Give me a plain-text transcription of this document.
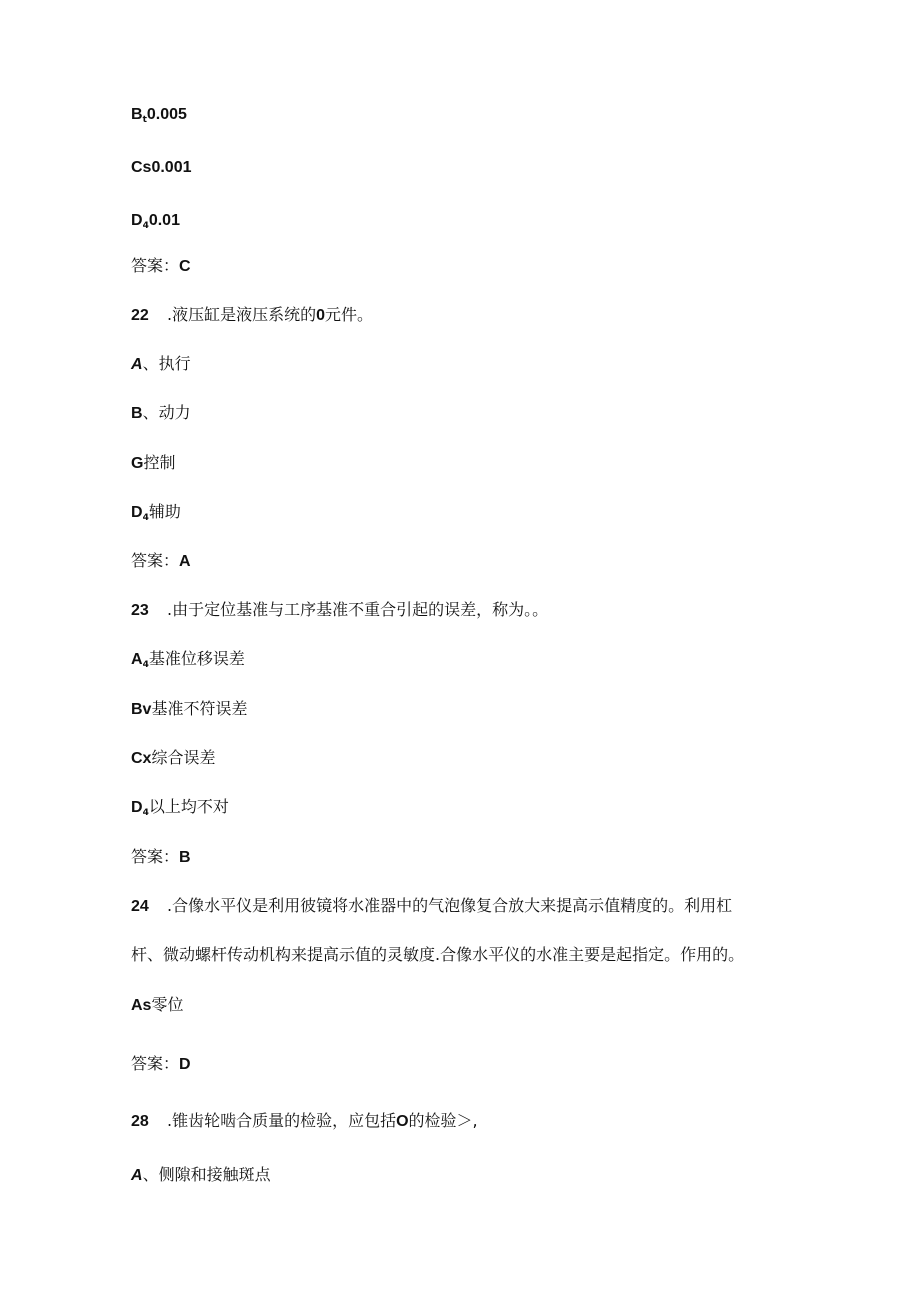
$B_t0.005$
Cs0.001
$D_40.01$
答案：C
22 .液压缸是液压系统的0元件。
A、执行
B、动力
G控制
$D_4$辅助
答案：A
23 .由于定位基准与工序基准不重合引起的误差，称为。。
$A_4$基准位移误差
Bv基准不符误差
Cx综合误差
$D_4$以上均不对
答案：B
24 .合像水平仪是利用彼镜将水准器中的气泡像复合放大来提高示值精度的。利用杠
杆、微动螺杆传动机构来提高示值的灵敏度.合像水平仪的水准主要是起指定。作用的。
As零位
答案：D
28 .锥齿轮啮合质量的检验，应包括O的检验＞,
A、侧隙和接触斑点
